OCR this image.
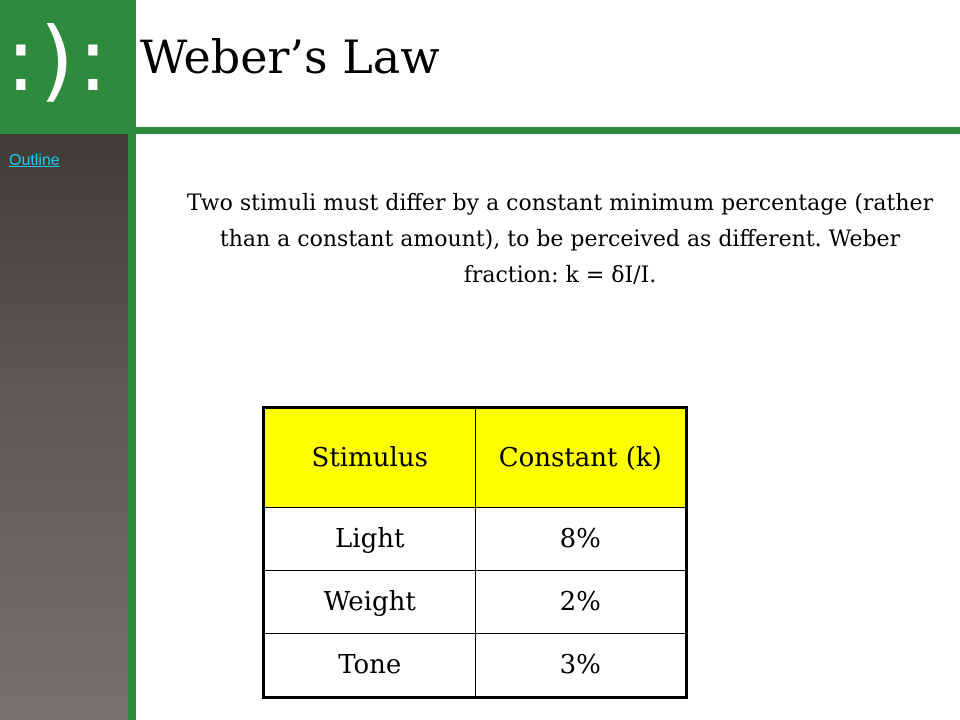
:): Weber’s Law
Outline

Two stimuli must differ by a constant minimum percentage (rather than a constant amount), to be perceived as different. Weber fraction: k = δI/I.

Stimulus	Constant (k)
Light	8%
Weight	2%
Tone	3%
